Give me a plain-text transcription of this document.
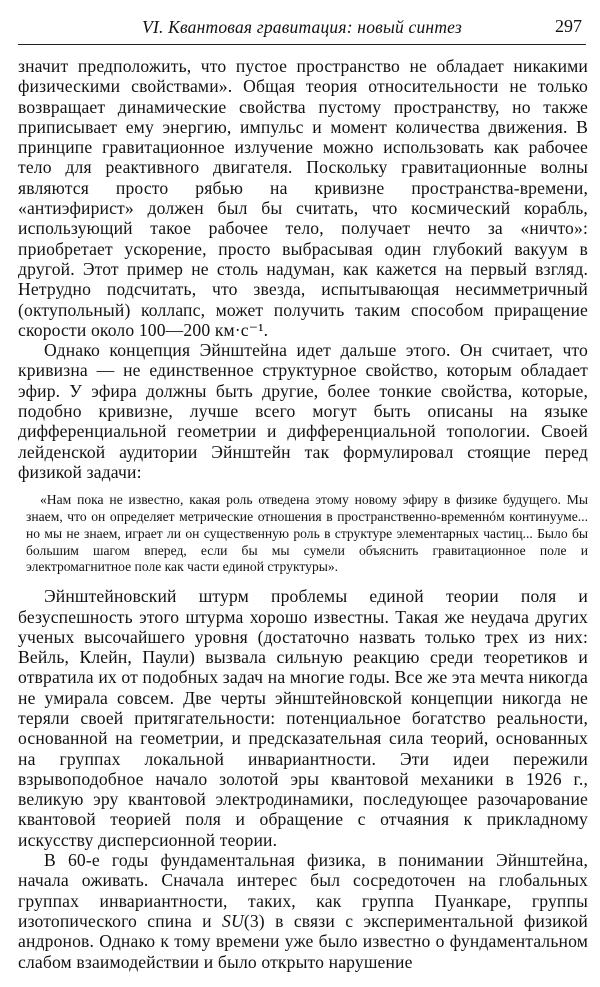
VI. Квантовая гравитация: новый синтез	297

значит предположить, что пустое пространство не обладает никакими физическими свойствами». Общая теория относительности не только возвращает динамические свойства пустому пространству, но также приписывает ему энергию, импульс и момент количества движения. В принципе гравитационное излучение можно использовать как рабочее тело для реактивного двигателя. Поскольку гравитационные волны являются просто рябью на кривизне пространства-времени, «антиэфирист» должен был бы считать, что космический корабль, использующий такое рабочее тело, получает нечто за «ничто»: приобретает ускорение, просто выбрасывая один глубокий вакуум в другой. Этот пример не столь надуман, как кажется на первый взгляд. Нетрудно подсчитать, что звезда, испытывающая несимметричный (октупольный) коллапс, может получить таким способом приращение скорости около 100—200 км·с⁻¹.

Однако концепция Эйнштейна идет дальше этого. Он считает, что кривизна — не единственное структурное свойство, которым обладает эфир. У эфира должны быть другие, более тонкие свойства, которые, подобно кривизне, лучше всего могут быть описаны на языке дифференциальной геометрии и дифференциальной топологии. Своей лейденской аудитории Эйнштейн так формулировал стоящие перед физикой задачи:

«Нам пока не известно, какая роль отведена этому новому эфиру в физике будущего. Мы знаем, что он определяет метрические отношения в пространственно-временнóм континууме... но мы не знаем, играет ли он существенную роль в структуре элементарных частиц... Было бы большим шагом вперед, если бы мы сумели объяснить гравитационное поле и электромагнитное поле как части единой структуры».

Эйнштейновский штурм проблемы единой теории поля и безуспешность этого штурма хорошо известны. Такая же неудача других ученых высочайшего уровня (достаточно назвать только трех из них: Вейль, Клейн, Паули) вызвала сильную реакцию среди теоретиков и отвратила их от подобных задач на многие годы. Все же эта мечта никогда не умирала совсем. Две черты эйнштейновской концепции никогда не теряли своей притягательности: потенциальное богатство реальности, основанной на геометрии, и предсказательная сила теорий, основанных на группах локальной инвариантности. Эти идеи пережили взрывоподобное начало золотой эры квантовой механики в 1926 г., великую эру квантовой электродинамики, последующее разочарование квантовой теорией поля и обращение с отчаяния к прикладному искусству дисперсионной теории.

В 60-е годы фундаментальная физика, в понимании Эйнштейна, начала оживать. Сначала интерес был сосредоточен на глобальных группах инвариантности, таких, как группа Пуанкаре, группы изотопического спина и SU(3) в связи с экспериментальной физикой андронов. Однако к тому времени уже было известно о фундаментальном слабом взаимодействии и было открыто нарушение
